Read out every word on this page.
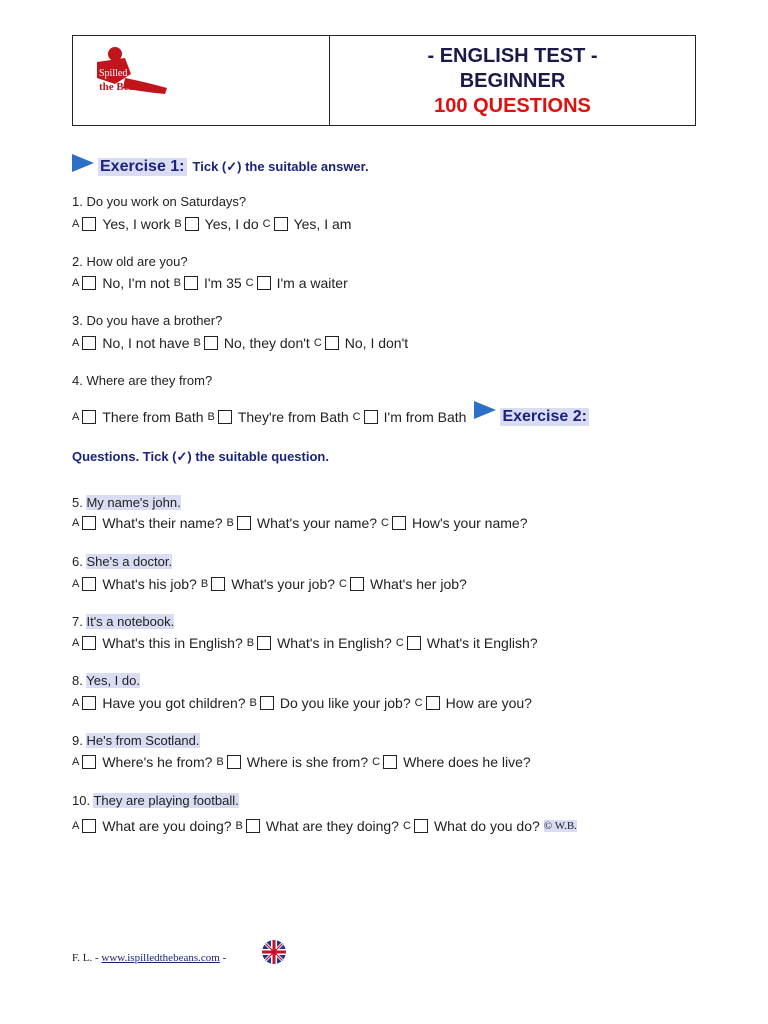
Spilled
the Beans
- ENGLISH TEST -
BEGINNER
100 QUESTIONS
Exercise 1: Tick (✓) the suitable answer.
1. Do you work on Saturdays?
A Yes, I work B Yes, I do C Yes, I am
2. How old are you?
A No, I'm not B I'm 35 C I'm a waiter
3. Do you have a brother?
A No, I not have B No, they don't C No, I don't
4. Where are they from?
A There from Bath B They're from Bath C I'm from Bath Exercise 2:
Questions. Tick (✓) the suitable question.
5. My name's john.
A What's their name? B What's your name? C How's your name?
6. She's a doctor.
A What's his job? B What's your job? C What's her job?
7. It's a notebook.
A What's this in English? B What's in English? C What's it English?
8. Yes, I do.
A Have you got children? B Do you like your job? C How are you?
9. He's from Scotland.
A Where's he from? B Where is she from? C Where does he live?
10. They are playing football.
A What are you doing? B What are they doing? C What do you do? © W.B.
F. L. - www.ispilledthebeans.com -
